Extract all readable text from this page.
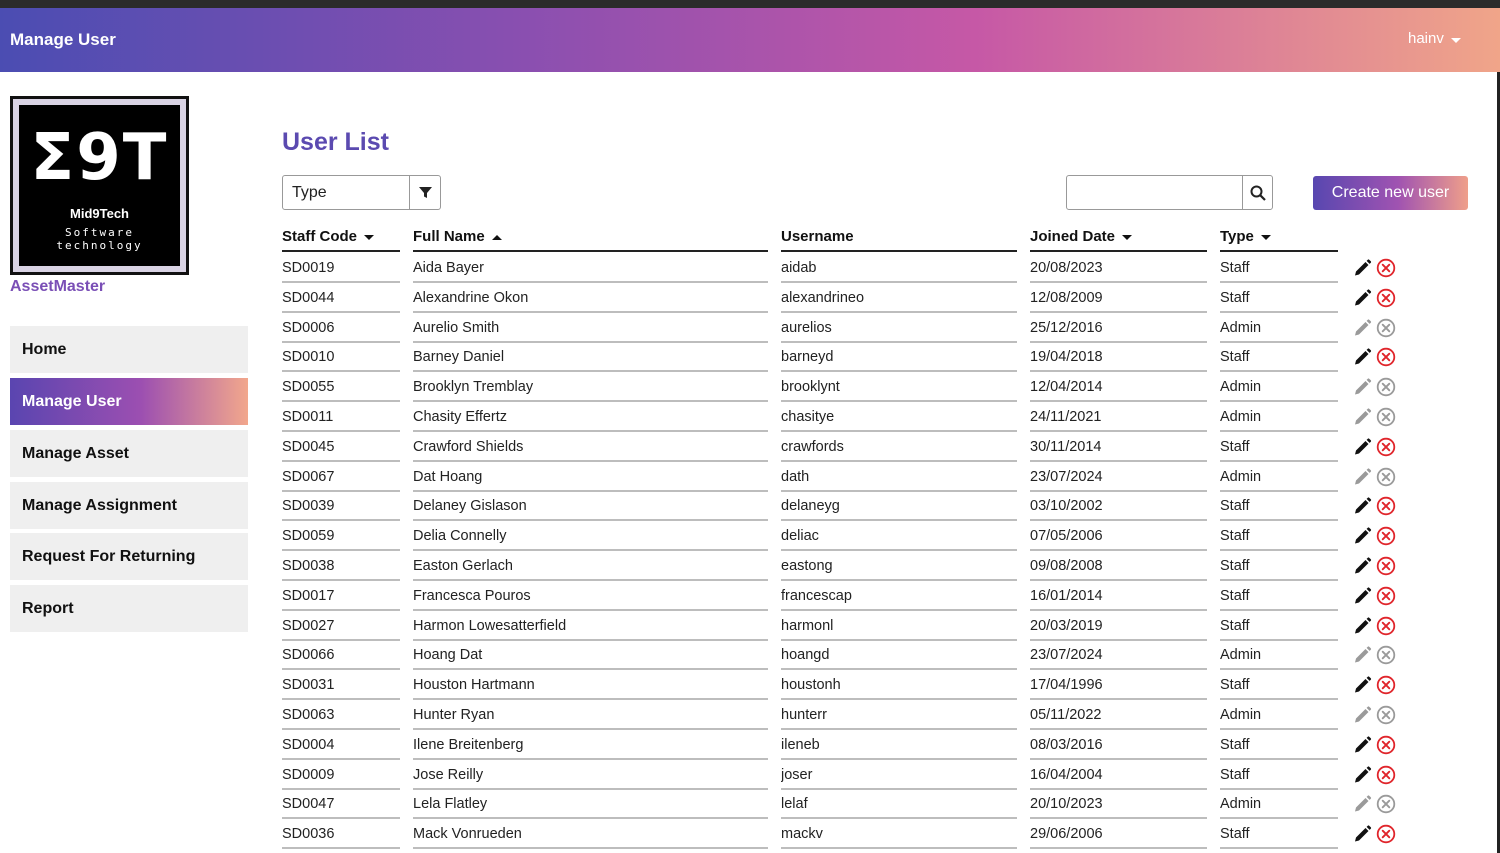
Manage User	hainv
Σ9T
Mid9Tech
Software technology
AssetMaster
Home
Manage User
Manage Asset
Manage Assignment
Request For Returning
Report
User List
Type	Create new user
Staff Code	Full Name	Username	Joined Date	Type
SD0019	Aida Bayer	aidab	20/08/2023	Staff
SD0044	Alexandrine Okon	alexandrineo	12/08/2009	Staff
SD0006	Aurelio Smith	aurelios	25/12/2016	Admin
SD0010	Barney Daniel	barneyd	19/04/2018	Staff
SD0055	Brooklyn Tremblay	brooklynt	12/04/2014	Admin
SD0011	Chasity Effertz	chasitye	24/11/2021	Admin
SD0045	Crawford Shields	crawfords	30/11/2014	Staff
SD0067	Dat Hoang	dath	23/07/2024	Admin
SD0039	Delaney Gislason	delaneyg	03/10/2002	Staff
SD0059	Delia Connelly	deliac	07/05/2006	Staff
SD0038	Easton Gerlach	eastong	09/08/2008	Staff
SD0017	Francesca Pouros	francescap	16/01/2014	Staff
SD0027	Harmon Lowesatterfield	harmonl	20/03/2019	Staff
SD0066	Hoang Dat	hoangd	23/07/2024	Admin
SD0031	Houston Hartmann	houstonh	17/04/1996	Staff
SD0063	Hunter Ryan	hunterr	05/11/2022	Admin
SD0004	Ilene Breitenberg	ileneb	08/03/2016	Staff
SD0009	Jose Reilly	joser	16/04/2004	Staff
SD0047	Lela Flatley	lelaf	20/10/2023	Admin
SD0036	Mack Vonrueden	mackv	29/06/2006	Staff
